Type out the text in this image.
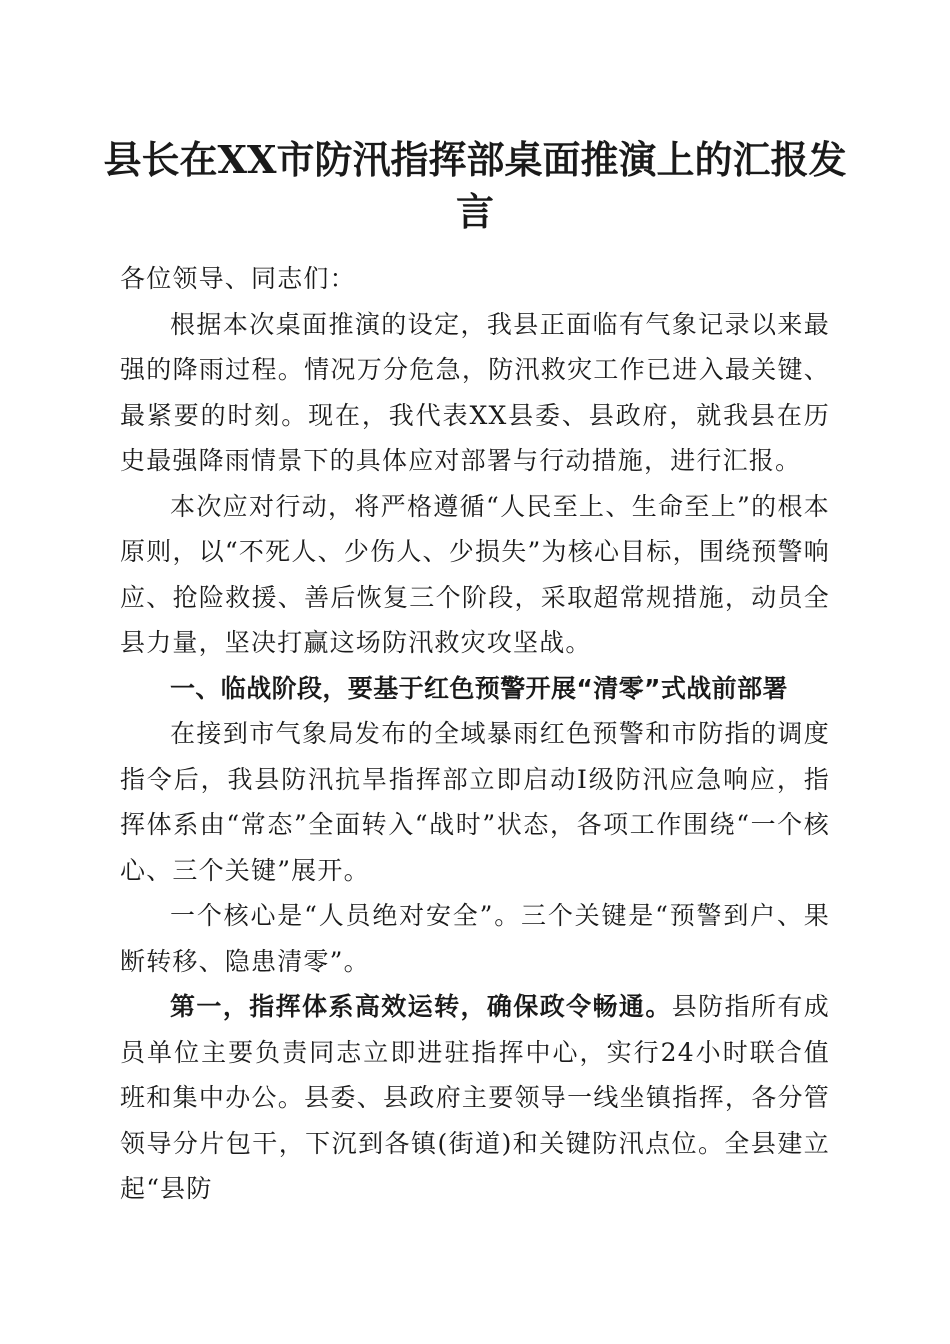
县长在XX市防汛指挥部桌面推演上的汇报发言

各位领导、同志们：

根据本次桌面推演的设定，我县正面临有气象记录以来最强的降雨过程。情况万分危急，防汛救灾工作已进入最关键、最紧要的时刻。现在，我代表XX县委、县政府，就我县在历史最强降雨情景下的具体应对部署与行动措施，进行汇报。

本次应对行动，将严格遵循“人民至上、生命至上”的根本原则，以“不死人、少伤人、少损失”为核心目标，围绕预警响应、抢险救援、善后恢复三个阶段，采取超常规措施，动员全县力量，坚决打赢这场防汛救灾攻坚战。

一、临战阶段，要基于红色预警开展“清零”式战前部署

在接到市气象局发布的全域暴雨红色预警和市防指的调度指令后，我县防汛抗旱指挥部立即启动Ⅰ级防汛应急响应，指挥体系由“常态”全面转入“战时”状态，各项工作围绕“一个核心、三个关键”展开。

一个核心是“人员绝对安全”。三个关键是“预警到户、果断转移、隐患清零”。

第一，指挥体系高效运转，确保政令畅通。县防指所有成员单位主要负责同志立即进驻指挥中心，实行24小时联合值班和集中办公。县委、县政府主要领导一线坐镇指挥，各分管领导分片包干，下沉到各镇(街道)和关键防汛点位。全县建立起“县防
